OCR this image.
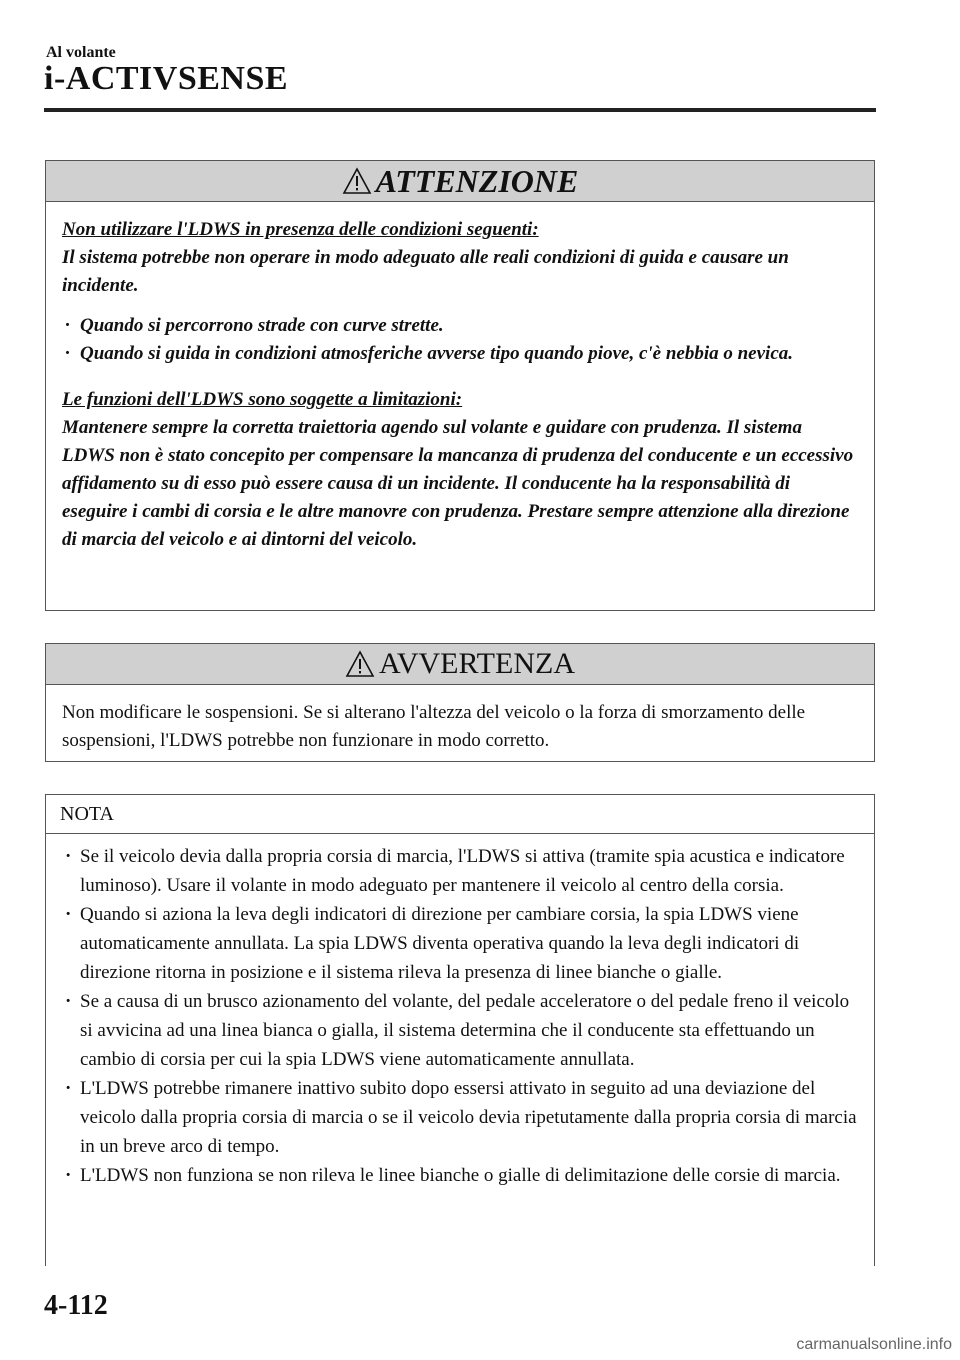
Al volante
i-ACTIVSENSE
ATTENZIONE

Non utilizzare l'LDWS in presenza delle condizioni seguenti:

Il sistema potrebbe non operare in modo adeguato alle reali condizioni di guida e causare un incidente.

· Quando si percorrono strade con curve strette.
· Quando si guida in condizioni atmosferiche avverse tipo quando piove, c'è nebbia o nevica.

Le funzioni dell'LDWS sono soggette a limitazioni:

Mantenere sempre la corretta traiettoria agendo sul volante e guidare con prudenza. Il sistema LDWS non è stato concepito per compensare la mancanza di prudenza del conducente e un eccessivo affidamento su di esso può essere causa di un incidente. Il conducente ha la responsabilità di eseguire i cambi di corsia e le altre manovre con prudenza. Prestare sempre attenzione alla direzione di marcia del veicolo e ai dintorni del veicolo.

AVVERTENZA

Non modificare le sospensioni. Se si alterano l'altezza del veicolo o la forza di smorzamento delle sospensioni, l'LDWS potrebbe non funzionare in modo corretto.

NOTA
· Se il veicolo devia dalla propria corsia di marcia, l'LDWS si attiva (tramite spia acustica e indicatore luminoso). Usare il volante in modo adeguato per mantenere il veicolo al centro della corsia.
· Quando si aziona la leva degli indicatori di direzione per cambiare corsia, la spia LDWS viene automaticamente annullata. La spia LDWS diventa operativa quando la leva degli indicatori di direzione ritorna in posizione e il sistema rileva la presenza di linee bianche o gialle.
· Se a causa di un brusco azionamento del volante, del pedale acceleratore o del pedale freno il veicolo si avvicina ad una linea bianca o gialla, il sistema determina che il conducente sta effettuando un cambio di corsia per cui la spia LDWS viene automaticamente annullata.
· L'LDWS potrebbe rimanere inattivo subito dopo essersi attivato in seguito ad una deviazione del veicolo dalla propria corsia di marcia o se il veicolo devia ripetutamente dalla propria corsia di marcia in un breve arco di tempo.
· L'LDWS non funziona se non rileva le linee bianche o gialle di delimitazione delle corsie di marcia.
4-112
carmanualsonline.info
